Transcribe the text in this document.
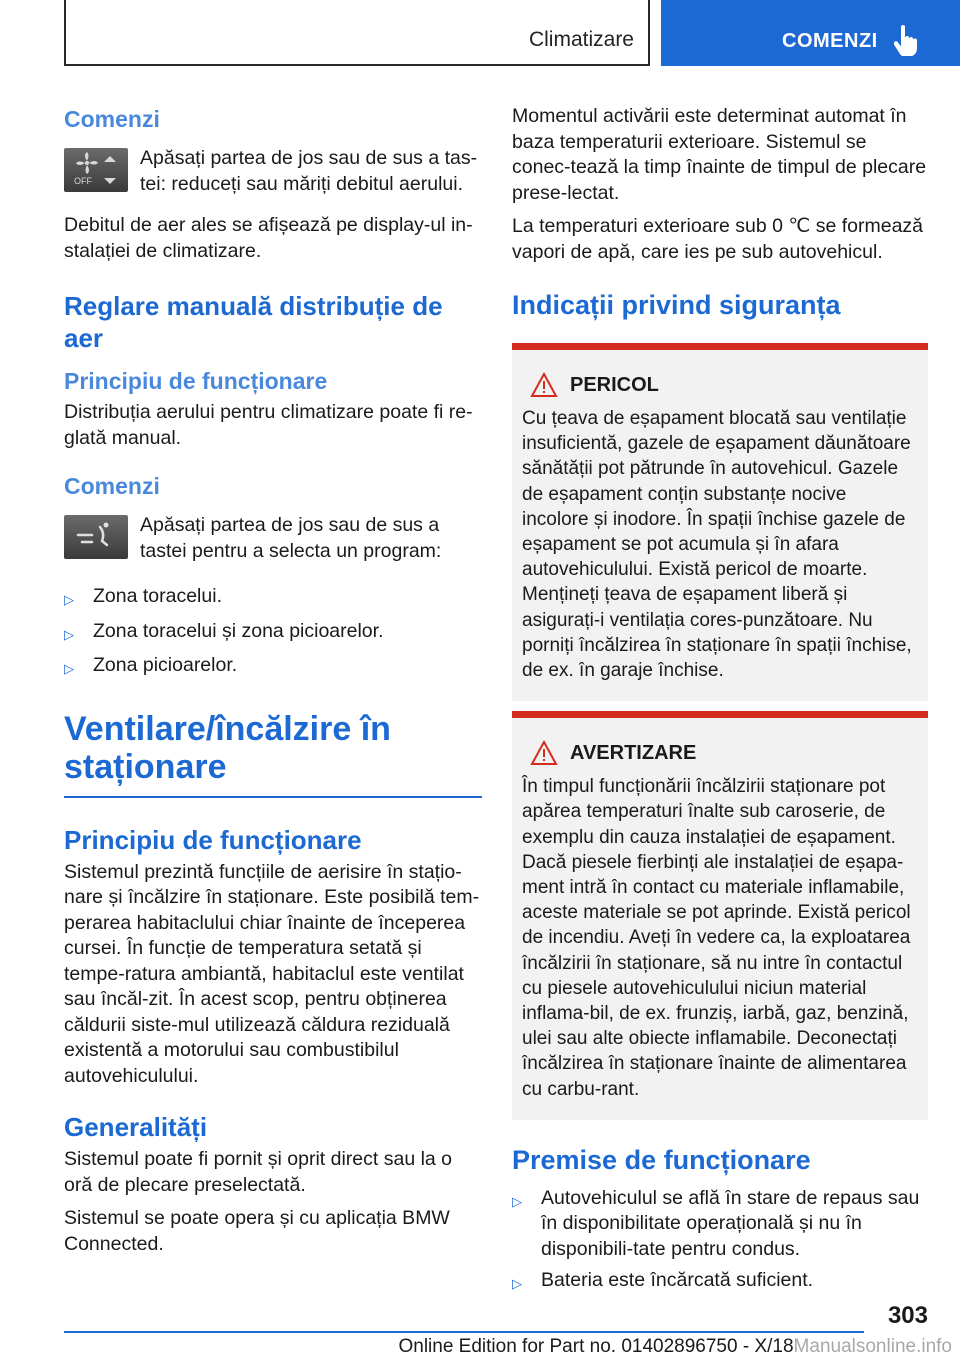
Climatizare	COMENZI
Comenzi
OFF

Apăsați partea de jos sau de sus a tas-tei: reduceți sau măriți debitul aerului.

Debitul de aer ales se afișează pe display-ul in-stalației de climatizare.

Reglare manuală distribuție de aer
Principiu de funcționare

Distribuția aerului pentru climatizare poate fi re-glată manual.

Comenzi

Apăsați partea de jos sau de sus a tastei pentru a selecta un program:

▷ Zona toracelui.
▷ Zona toracelui și zona picioarelor.
▷ Zona picioarelor.
Ventilare/încălzire în staționare
Principiu de funcționare

Sistemul prezintă funcțiile de aerisire în stațio-nare și încălzire în staționare. Este posibilă tem-perarea habitaclului chiar înainte de începerea cursei. În funcție de temperatura setată și tempe-ratura ambiantă, habitaclul este ventilat sau încăl-zit. În acest scop, pentru obținerea căldurii siste-mul utilizează căldura reziduală existentă a motorului sau combustibilul autovehiculului.

Generalități

Sistemul poate fi pornit și oprit direct sau la o oră de plecare preselectată.

Sistemul se poate opera și cu aplicația BMW Connected.

Momentul activării este determinat automat în baza temperaturii exterioare. Sistemul se conec-tează la timp înainte de timpul de plecare prese-lectat.

La temperaturi exterioare sub 0 ℃ se formează vapori de apă, care ies pe sub autovehicul.

Indicații privind siguranța
PERICOL

Cu țeava de eșapament blocată sau ventilație insuficientă, gazele de eșapament dăunătoare sănătății pot pătrunde în autovehicul. Gazele de eșapament conțin substanțe nocive incolore și inodore. În spații închise gazele de eșapament se pot acumula și în afara autovehiculului. Există pericol de moarte. Mențineți țeava de eșapament liberă și asigurați-i ventilația cores-punzătoare. Nu porniți încălzirea în staționare în spații închise, de ex. în garaje închise.

AVERTIZARE

În timpul funcționării încălzirii staționare pot apărea temperaturi înalte sub caroserie, de exemplu din cauza instalației de eșapament. Dacă piesele fierbinți ale instalației de eșapa-ment intră în contact cu materiale inflamabile, aceste materiale se pot aprinde. Există pericol de incendiu. Aveți în vedere ca, la exploatarea încălzirii în staționare, să nu intre în contactul cu piesele autovehiculului niciun material inflama-bil, de ex. frunziș, iarbă, gaz, benzină, ulei sau alte obiecte inflamabile. Deconectați încălzirea în staționare înainte de alimentarea cu carbu-rant.

Premise de funcționare
▷ Autovehiculul se află în stare de repaus sau în disponibilitate operațională și nu în disponibili-tate pentru condus.
▷ Bateria este încărcată suficient.
303
Online Edition for Part no. 01402896750 - X/18Manualsonline.info
